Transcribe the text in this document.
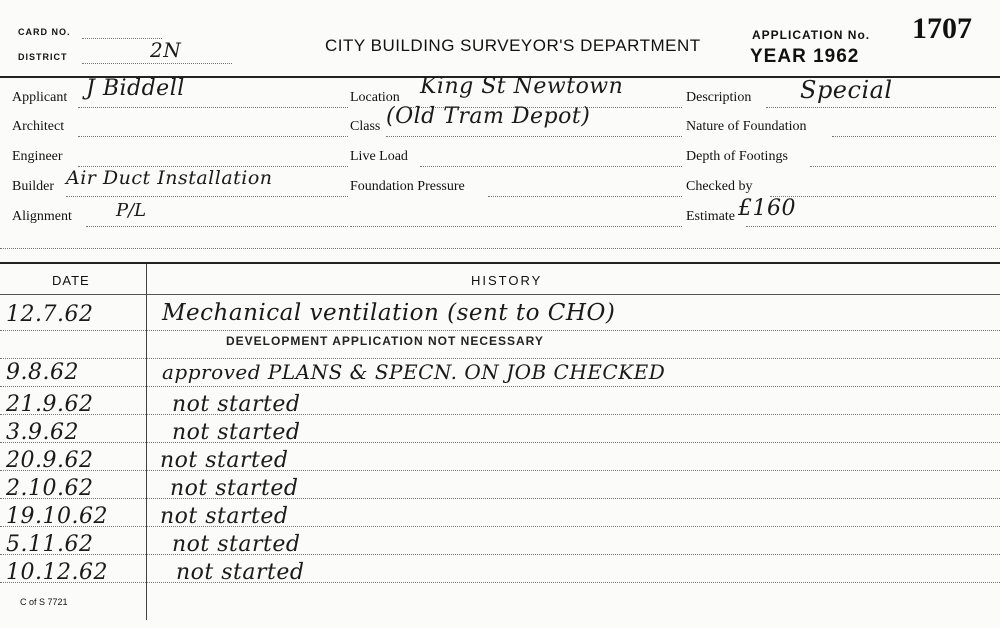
CARD NO.
DISTRICT	2N	CITY BUILDING SURVEYOR'S DEPARTMENT
APPLICATION No. 1707
YEAR 1962
Applicant J Biddell
Architect
Engineer
Builder Air Duct Installation
Alignment P/L
Location King St Newtown
Class (Old Tram Depot)
Live Load
Foundation Pressure
Description Special
Nature of Foundation
Depth of Footings
Checked by
Estimate £160
DATE	HISTORY
12.7.62	Mechanical ventilation (sent to CHO)
DEVELOPMENT APPLICATION NOT NECESSARY
9.8.62	approved PLANS & SPECN. ON JOB CHECKED
21.9.62	not started
3.9.62	not started
20.9.62	not started
2.10.62	not started
19.10.62 not started
5.11.62	not started
10.12.62	not started
C of S 7721
